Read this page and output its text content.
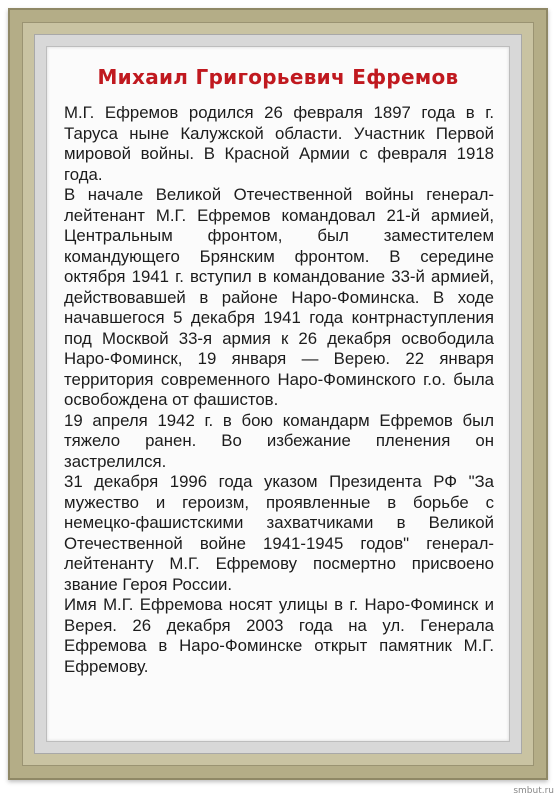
Михаил Григорьевич Ефремов

М.Г. Ефремов родился 26 февраля 1897 года в г. Таруса ныне Калужской области. Участник Первой мировой войны. В Красной Армии с февраля 1918 года.

В начале Великой Отечественной войны генерал-лейтенант М.Г. Ефремов командовал 21-й армией, Центральным фронтом, был заместителем командующего Брянским фронтом. В середине октября 1941 г. вступил в командование 33-й армией, действовавшей в районе Наро-Фоминска. В ходе начавшегося 5 декабря 1941 года контрнаступления под Москвой 33-я армия к 26 декабря освободила Наро-Фоминск, 19 января — Верею. 22 января территория современного Наро-Фоминского г.о. была освобождена от фашистов.

19 апреля 1942 г. в бою командарм Ефремов был тяжело ранен. Во избежание пленения он застрелился.

31 декабря 1996 года указом Президента РФ "За мужество и героизм, проявленные в борьбе с немецко-фашистскими захватчиками в Великой Отечественной войне 1941-1945 годов" генерал-лейтенанту М.Г. Ефремову посмертно присвоено звание Героя России.

Имя М.Г. Ефремова носят улицы в г. Наро-Фоминск и Верея. 26 декабря 2003 года на ул. Генерала Ефремова в Наро-Фоминске открыт памятник М.Г. Ефремову.

smbut.ru
